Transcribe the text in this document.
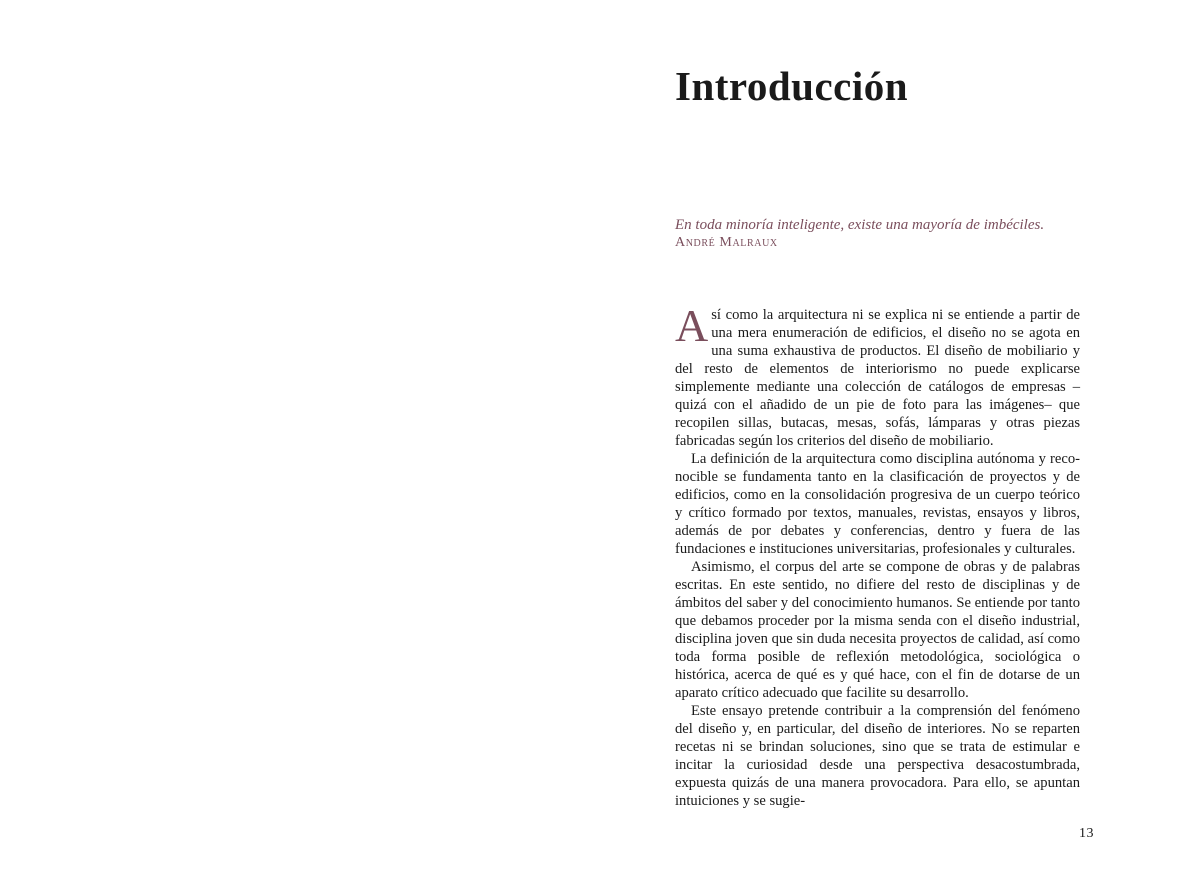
Introducción

En toda minoría inteligente, existe una mayoría de imbéciles.

André Malraux

Así como la arquitectura ni se explica ni se entiende a partir de una mera enumeración de edificios, el diseño no se agota en una suma exhaustiva de productos. El diseño de mobiliario y del resto de elementos de interiorismo no puede explicarse simplemente mediante una colección de catálogos de empresas –quizá con el añadido de un pie de foto para las imágenes– que recopilen sillas, butacas, mesas, sofás, lámparas y otras piezas fabricadas según los criterios del diseño de mobiliario.

La definición de la arquitectura como disciplina autónoma y reconocible se fundamenta tanto en la clasificación de proyectos y de edificios, como en la consolidación progresiva de un cuerpo teórico y crítico formado por textos, manuales, revistas, ensayos y libros, además de por debates y conferencias, dentro y fuera de las fundaciones e instituciones universitarias, profesionales y culturales.

Asimismo, el corpus del arte se compone de obras y de palabras escritas. En este sentido, no difiere del resto de disciplinas y de ámbitos del saber y del conocimiento humanos. Se entiende por tanto que debamos proceder por la misma senda con el diseño industrial, disciplina joven que sin duda necesita proyectos de calidad, así como toda forma posible de reflexión metodológica, sociológica o histórica, acerca de qué es y qué hace, con el fin de dotarse de un aparato crítico adecuado que facilite su desarrollo.

Este ensayo pretende contribuir a la comprensión del fenómeno del diseño y, en particular, del diseño de interiores. No se reparten recetas ni se brindan soluciones, sino que se trata de estimular e incitar la curiosidad desde una perspectiva desacostumbrada, expuesta quizás de una manera provocadora. Para ello, se apuntan intuiciones y se sugie-

13
